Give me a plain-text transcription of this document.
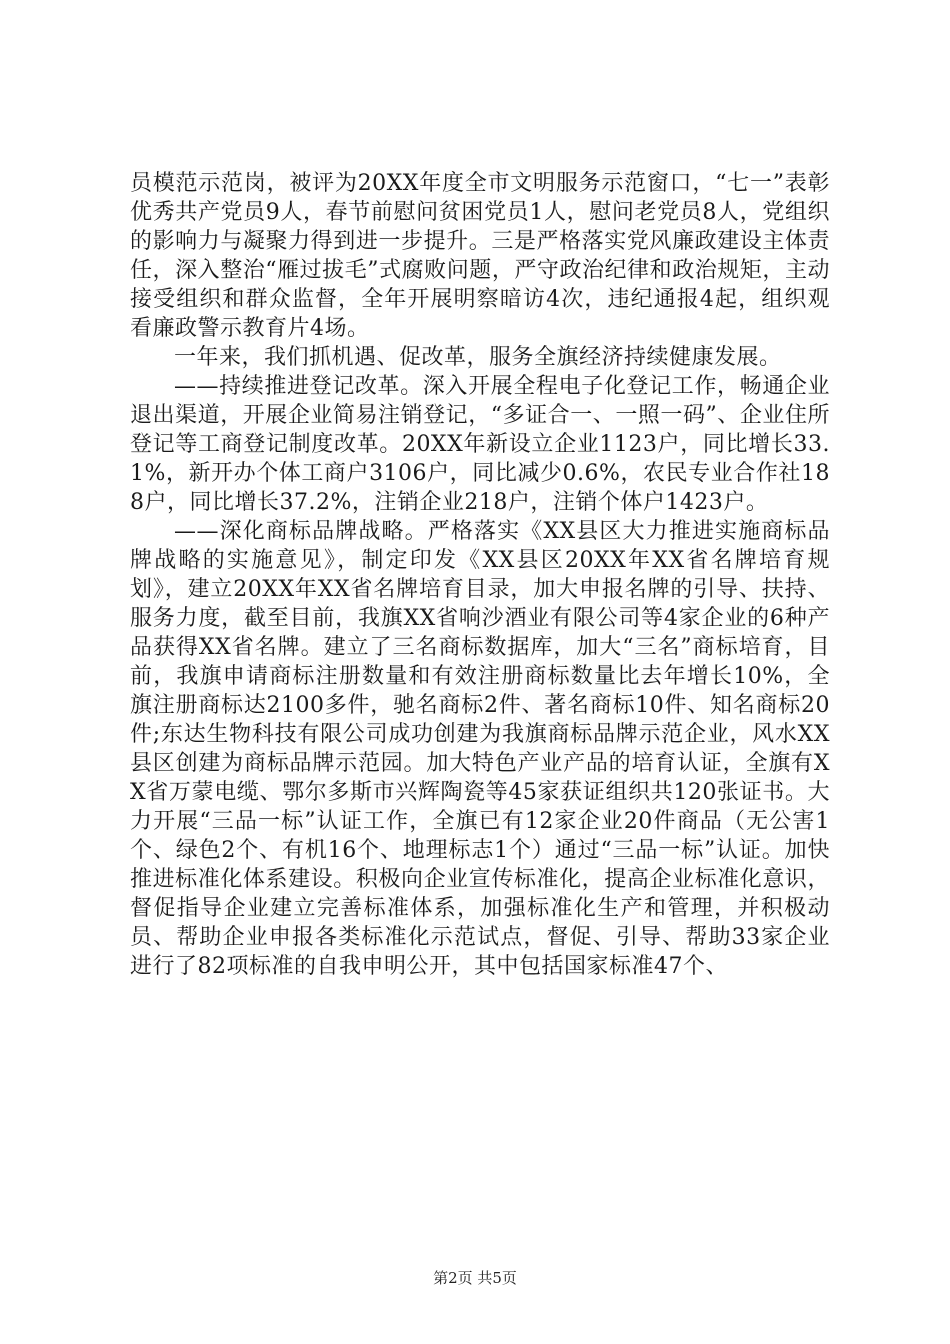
员模范示范岗，被评为20XX年度全市文明服务示范窗口，“七一”表彰优秀共产党员9人，春节前慰问贫困党员1人，慰问老党员8人，党组织的影响力与凝聚力得到进一步提升。三是严格落实党风廉政建设主体责任，深入整治“雁过拔毛”式腐败问题，严守政治纪律和政治规矩，主动接受组织和群众监督，全年开展明察暗访4次，违纪通报4起，组织观看廉政警示教育片4场。

一年来，我们抓机遇、促改革，服务全旗经济持续健康发展。

——持续推进登记改革。深入开展全程电子化登记工作，畅通企业退出渠道，开展企业简易注销登记，“多证合一、一照一码”、企业住所登记等工商登记制度改革。20XX年新设立企业1123户，同比增长33.1%，新开办个体工商户3106户，同比减少0.6%，农民专业合作社188户，同比增长37.2%，注销企业218户，注销个体户1423户。

——深化商标品牌战略。严格落实《XX县区大力推进实施商标品牌战略的实施意见》，制定印发《XX县区20XX年XX省名牌培育规划》，建立20XX年XX省名牌培育目录，加大申报名牌的引导、扶持、服务力度，截至目前，我旗XX省响沙酒业有限公司等4家企业的6种产品获得XX省名牌。建立了三名商标数据库，加大“三名”商标培育，目前，我旗申请商标注册数量和有效注册商标数量比去年增长10%，全旗注册商标达2100多件，驰名商标2件、著名商标10件、知名商标20件;东达生物科技有限公司成功创建为我旗商标品牌示范企业，风水XX县区创建为商标品牌示范园。加大特色产业产品的培育认证，全旗有XX省万蒙电缆、鄂尔多斯市兴辉陶瓷等45家获证组织共120张证书。大力开展“三品一标”认证工作，全旗已有12家企业20件商品（无公害1个、绿色2个、有机16个、地理标志1个）通过“三品一标”认证。加快推进标准化体系建设。积极向企业宣传标准化，提高企业标准化意识，督促指导企业建立完善标准体系，加强标准化生产和管理，并积极动员、帮助企业申报各类标准化示范试点，督促、引导、帮助33家企业进行了82项标准的自我申明公开，其中包括国家标准47个、

第2页 共5页
